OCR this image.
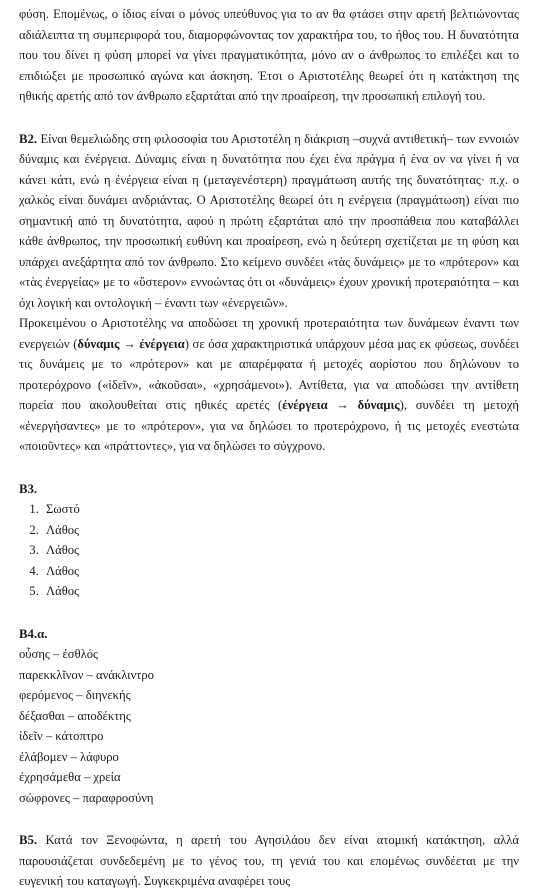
φύση. Επομένως, ο ίδιος είναι ο μόνος υπεύθυνος για το αν θα φτάσει στην αρετή βελτιώνοντας αδιάλειπτα τη συμπεριφορά του, διαμορφώνοντας τον χαρακτήρα του, το ήθος του. Η δυνατότητα που του δίνει η φύση μπορεί να γίνει πραγματικότητα, μόνο αν ο άνθρωπος το επιλέξει και το επιδιώξει με προσωπικό αγώνα και άσκηση. Έτσι ο Αριστοτέλης θεωρεί ότι η κατάκτηση της ηθικής αρετής από τον άνθρωπο εξαρτάται από την προαίρεση, την προσωπική επιλογή του.

Β2. Είναι θεμελιώδης στη φιλοσοφία του Αριστοτέλη η διάκριση –συχνά αντιθετική– των εννοιών δύναμις και ἐνέργεια. Δύναμις είναι η δυνατότητα που έχει ένα πράγμα ή ένα ον να γίνει ή να κάνει κάτι, ενώ η ἐνέργεια είναι η (μεταγενέστερη) πραγμάτωση αυτής της δυνατότητας· π.χ. ο χαλκός είναι δυνάμει ανδριάντας. Ο Αριστοτέλης θεωρεί ότι η ενέργεια (πραγμάτωση) είναι πιο σημαντική από τη δυνατότητα, αφού η πρώτη εξαρτάται από την προσπάθεια που καταβάλλει κάθε άνθρωπος, την προσωπική ευθύνη και προαίρεση, ενώ η δεύτερη σχετίζεται με τη φύση και υπάρχει ανεξάρτητα από τον άνθρωπο. Στο κείμενο συνδέει «τὰς δυνάμεις» με το «πρότερον» και «τὰς ἐνεργείας» με το «ὕστερον» εννοώντας ότι οι «δυνάμεις» έχουν χρονική προτεραιότητα – και όχι λογική και οντολογική – έναντι των «ἐνεργειῶν».

Προκειμένου ο Αριστοτέλης να αποδώσει τη χρονική προτεραιότητα των δυνάμεων έναντι των ενεργειών (δύναμις → ἐνέργεια) σε όσα χαρακτηριστικά υπάρχουν μέσα μας εκ φύσεως, συνδέει τις δυνάμεις με το «πρότερον» και με απαρέμφατα ή μετοχές αορίστου που δηλώνουν το προτερόχρονο («ἰδεῖν», «ἀκοῦσαι», «χρησάμενοι»). Αντίθετα, για να αποδώσει την αντίθετη πορεία που ακολουθείται στις ηθικές αρετές (ἐνέργεια → δύναμις), συνδέει τη μετοχή «ἐνεργήσαντες» με το «πρότερον», για να δηλώσει το προτερόχρονο, ή τις μετοχές ενεστώτα «ποιοῦντες» και «πράττοντες», για να δηλώσει το σύγχρονο.

Β3.
1. Σωστό
2. Λάθος
3. Λάθος
4. Λάθος
5. Λάθος
Β4.α.
οὖσης – ἐσθλός
παρεκκλῖνον – ανάκλιντρο
φερόμενος – διηνεκής
δέξασθαι – αποδέκτης
ἰδεῖν – κάτοπτρο
ἐλάβομεν – λάφυρο
ἐχρησάμεθα – χρεία
σώφρονες – παραφροσύνη

Β5. Κατά τον Ξενοφώντα, η αρετή του Αγησιλάου δεν είναι ατομική κατάκτηση, αλλά παρουσιάζεται συνδεδεμένη με το γένος του, τη γενιά του και επομένως συνδέεται με την ευγενική του καταγωγή. Συγκεκριμένα αναφέρει τους
